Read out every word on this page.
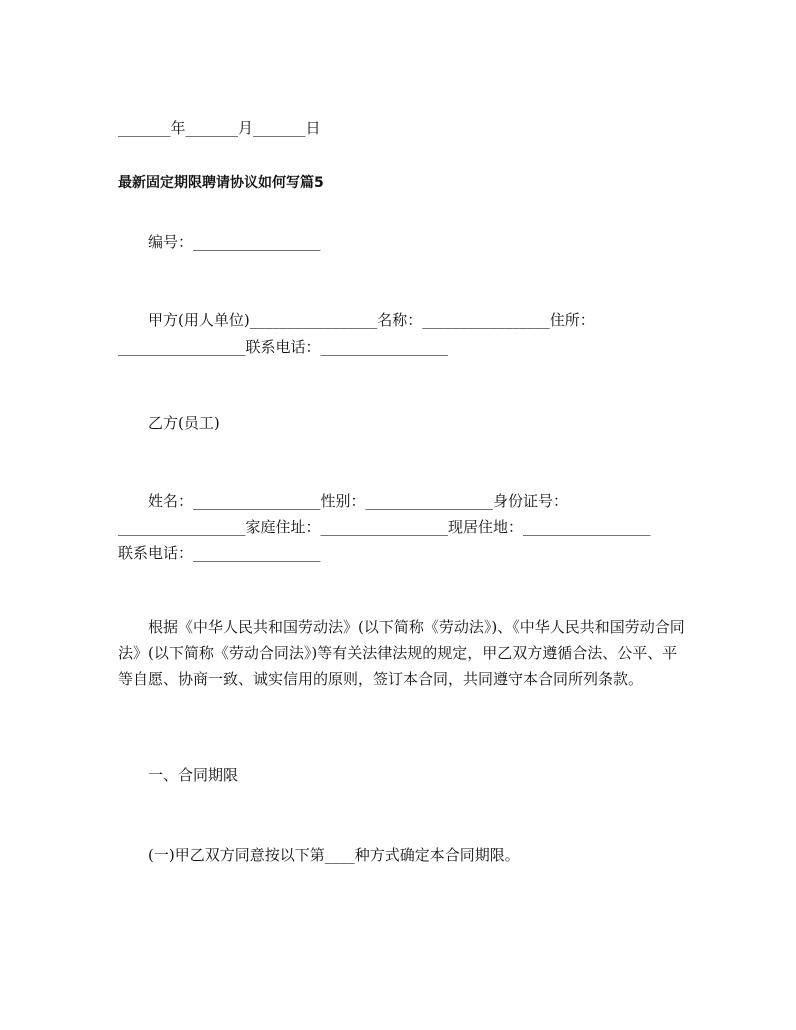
_______年_______月_______日
最新固定期限聘请协议如何写篇5
编号：_________________
甲方(用人单位)_________________名称：_________________住所：
_________________联系电话：_________________
乙方(员工)
姓名：_________________性别：_________________身份证号：
_________________家庭住址：_________________现居住地：_________________
联系电话：_________________
根据《中华人民共和国劳动法》(以下简称《劳动法》)、《中华人民共和国劳动合同法》(以下简称《劳动合同法》)等有关法律法规的规定，甲乙双方遵循合法、公平、平等自愿、协商一致、诚实信用的原则，签订本合同，共同遵守本合同所列条款。
一、合同期限
(一)甲乙双方同意按以下第____种方式确定本合同期限。
